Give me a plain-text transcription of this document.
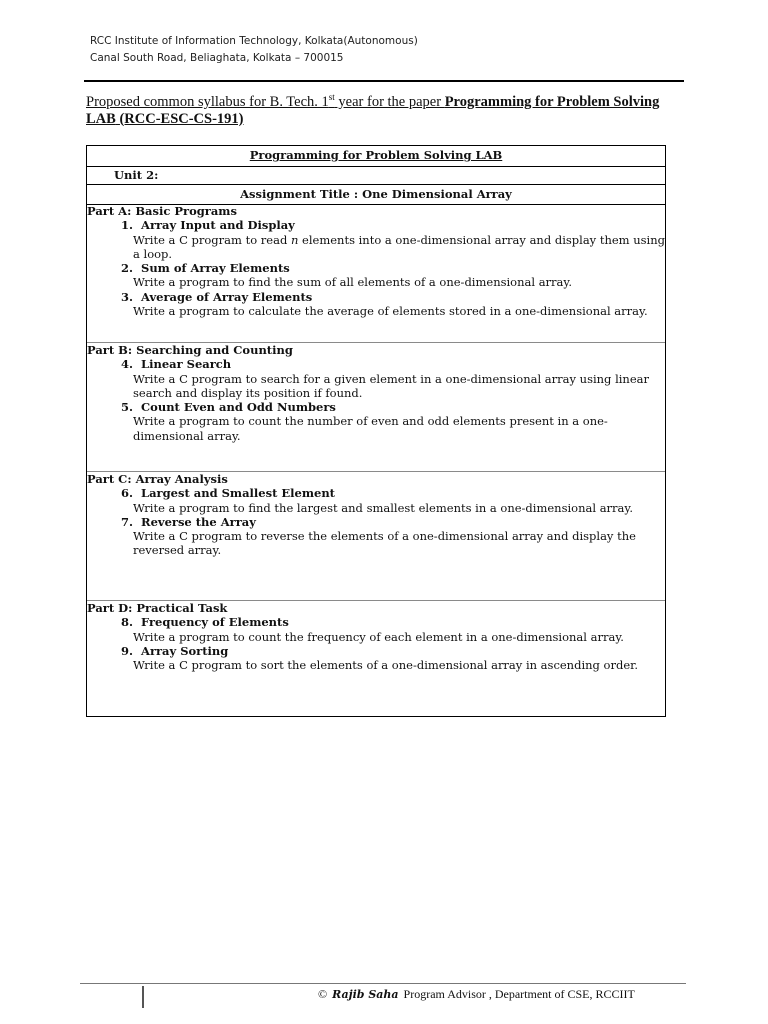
RCC Institute of Information Technology, Kolkata(Autonomous)
Canal South Road, Beliaghata, Kolkata – 700015
Proposed common syllabus for B. Tech. 1st year for the paper Programming for Problem Solving LAB (RCC-ESC-CS-191)
Programming for Problem Solving LAB
Unit 2:
Assignment Title : One Dimensional Array
Part A: Basic Programs
1.
Array Input and Display
Write a C program to read n elements into a one-dimensional array and display them using a loop.
2.
Sum of Array Elements
Write a program to find the sum of all elements of a one-dimensional array.
3.
Average of Array Elements
Write a program to calculate the average of elements stored in a one-dimensional array.
Part B: Searching and Counting
4.
Linear Search
Write a C program to search for a given element in a one-dimensional array using linear search and display its position if found.
5.
Count Even and Odd Numbers
Write a program to count the number of even and odd elements present in a one-dimensional array.
Part C: Array Analysis
6.
Largest and Smallest Element
Write a program to find the largest and smallest elements in a one-dimensional array.
7.
Reverse the Array
Write a C program to reverse the elements of a one-dimensional array and display the reversed array.
Part D: Practical Task
8.
Frequency of Elements
Write a program to count the frequency of each element in a one-dimensional array.
9.
Array Sorting
Write a C program to sort the elements of a one-dimensional array in ascending order.
© Rajib Saha Program Advisor , Department of CSE, RCCIIT
